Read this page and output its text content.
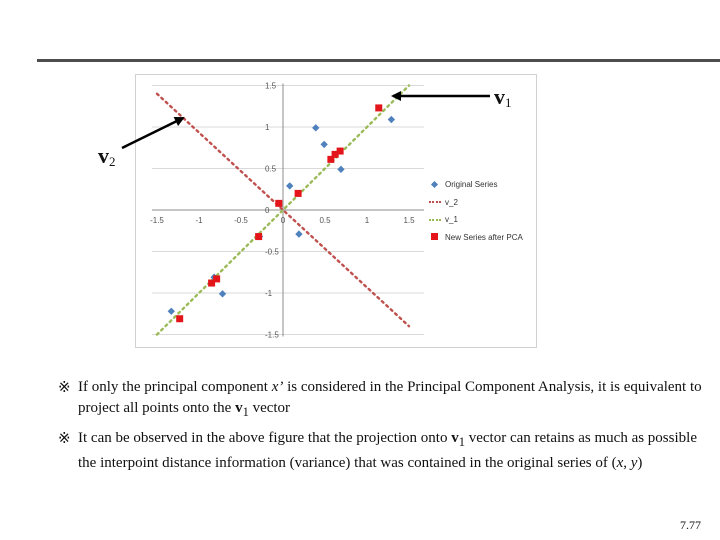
-1.5	-1	-0.5	0	0.5	1	1.5
1.5
1
0.5
0
-0.5
-1
-1.5
Original Series
v_2
v_1
New Series after PCA
$v_1$
$v_2$
※ If only the principal component x’ is considered in the Principal Component Analysis, it is equivalent to project all points onto the $v_1$ vector
※ It can be observed in the above figure that the projection onto $v_1$ vector can retains as much as possible the interpoint distance information (variance) that was contained in the original series of (x, y)
7.77
